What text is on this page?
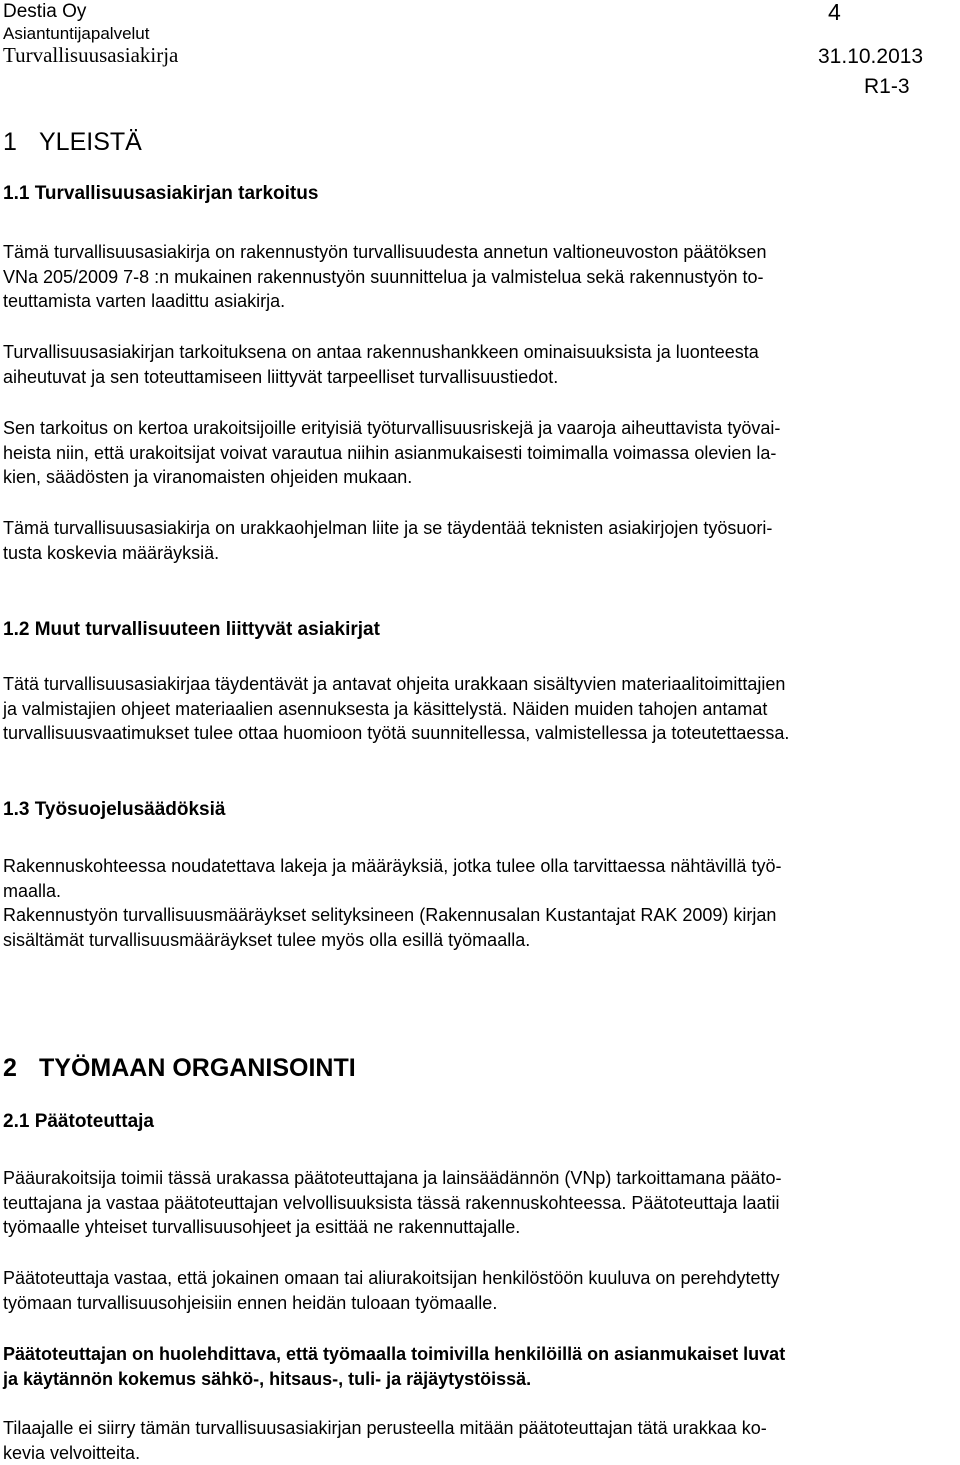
Destia Oy
Asiantuntijapalvelut
Turvallisuusasiakirja
4
31.10.2013
R1-3
1 YLEISTÄ
1.1 Turvallisuusasiakirjan tarkoitus
Tämä turvallisuusasiakirja on rakennustyön turvallisuudesta annetun valtioneuvoston päätöksen
VNa 205/2009 7-8 :n mukainen rakennustyön suunnittelua ja valmistelua sekä rakennustyön to-
teuttamista varten laadittu asiakirja.
Turvallisuusasiakirjan tarkoituksena on antaa rakennushankkeen ominaisuuksista ja luonteesta
aiheutuvat ja sen toteuttamiseen liittyvät tarpeelliset turvallisuustiedot.
Sen tarkoitus on kertoa urakoitsijoille erityisiä työturvallisuusriskejä ja vaaroja aiheuttavista työvai-
heista niin, että urakoitsijat voivat varautua niihin asianmukaisesti toimimalla voimassa olevien la-
kien, säädösten ja viranomaisten ohjeiden mukaan.
Tämä turvallisuusasiakirja on urakkaohjelman liite ja se täydentää teknisten asiakirjojen työsuori-
tusta koskevia määräyksiä.
1.2 Muut turvallisuuteen liittyvät asiakirjat
Tätä turvallisuusasiakirjaa täydentävät ja antavat ohjeita urakkaan sisältyvien materiaalitoimittajien
ja valmistajien ohjeet materiaalien asennuksesta ja käsittelystä. Näiden muiden tahojen antamat
turvallisuusvaatimukset tulee ottaa huomioon työtä suunnitellessa, valmistellessa ja toteutettaessa.
1.3 Työsuojelusäädöksiä
Rakennuskohteessa noudatettava lakeja ja määräyksiä, jotka tulee olla tarvittaessa nähtävillä työ-
maalla.
Rakennustyön turvallisuusmääräykset selityksineen (Rakennusalan Kustantajat RAK 2009) kirjan
sisältämät turvallisuusmääräykset tulee myös olla esillä työmaalla.
2 TYÖMAAN ORGANISOINTI
2.1 Päätoteuttaja
Pääurakoitsija toimii tässä urakassa päätoteuttajana ja lainsäädännön (VNp) tarkoittamana pääto-
teuttajana ja vastaa päätoteuttajan velvollisuuksista tässä rakennuskohteessa. Päätoteuttaja laatii
työmaalle yhteiset turvallisuusohjeet ja esittää ne rakennuttajalle.
Päätoteuttaja vastaa, että jokainen omaan tai aliurakoitsijan henkilöstöön kuuluva on perehdytetty
työmaan turvallisuusohjeisiin ennen heidän tuloaan työmaalle.
Päätoteuttajan on huolehdittava, että työmaalla toimivilla henkilöillä on asianmukaiset luvat
ja käytännön kokemus sähkö-, hitsaus-, tuli- ja räjäytystöissä.
Tilaajalle ei siirry tämän turvallisuusasiakirjan perusteella mitään päätoteuttajan tätä urakkaa ko-
kevia velvoitteita.
